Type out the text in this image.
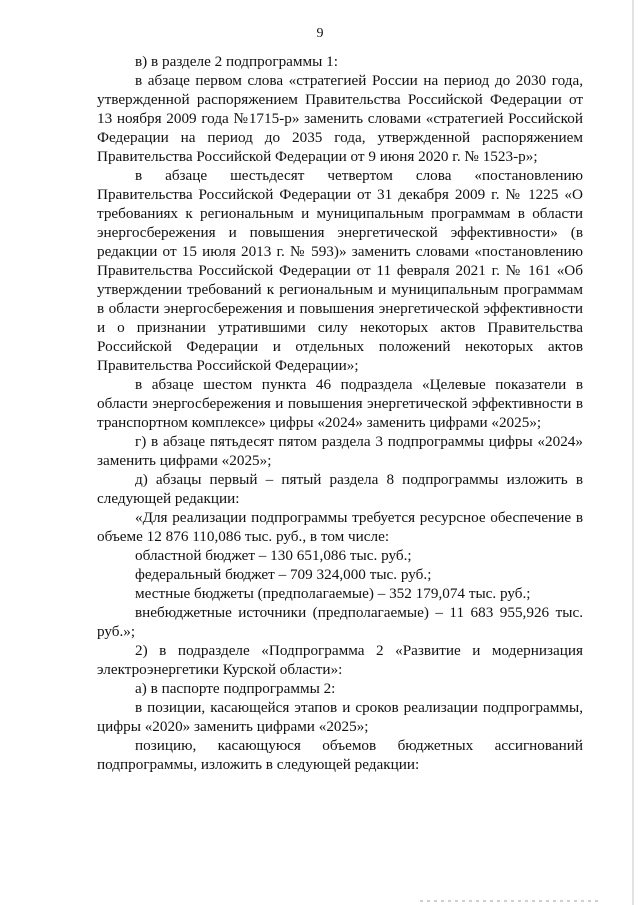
9

в) в разделе 2 подпрограммы 1:

в абзаце первом слова «стратегией России на период до 2030 года, утвержденной распоряжением Правительства Российской Федерации от 13 ноября 2009 года №1715-р» заменить словами «стратегией Российской Федерации на период до 2035 года, утвержденной распоряжением Правительства Российской Федерации от 9 июня 2020 г. № 1523-р»;

в абзаце шестьдесят четвертом слова «постановлению Правительства Российской Федерации от 31 декабря 2009 г. № 1225 «О требованиях к региональным и муниципальным программам в области энергосбережения и повышения энергетической эффективности» (в редакции от 15 июля 2013 г. № 593)» заменить словами «постановлению Правительства Российской Федерации от 11 февраля 2021 г. № 161 «Об утверждении требований к региональным и муниципальным программам в области энергосбережения и повышения энергетической эффективности и о признании утратившими силу некоторых актов Правительства Российской Федерации и отдельных положений некоторых актов Правительства Российской Федерации»;

в абзаце шестом пункта 46 подраздела «Целевые показатели в области энергосбережения и повышения энергетической эффективности в транспортном комплексе» цифры «2024» заменить цифрами «2025»;

г) в абзаце пятьдесят пятом раздела 3 подпрограммы цифры «2024» заменить цифрами «2025»;

д) абзацы первый – пятый раздела 8 подпрограммы изложить в следующей редакции:

«Для реализации подпрограммы требуется ресурсное обеспечение в объеме 12 876 110,086 тыс. руб., в том числе:

областной бюджет – 130 651,086 тыс. руб.;

федеральный бюджет – 709 324,000 тыс. руб.;

местные бюджеты (предполагаемые) – 352 179,074 тыс. руб.;

внебюджетные источники (предполагаемые) – 11 683 955,926 тыс. руб.»;

2) в подразделе «Подпрограмма 2 «Развитие и модернизация электроэнергетики Курской области»:

а) в паспорте подпрограммы 2:

в позиции, касающейся этапов и сроков реализации подпрограммы, цифры «2020» заменить цифрами «2025»;

позицию, касающуюся объемов бюджетных ассигнований подпрограммы, изложить в следующей редакции:
